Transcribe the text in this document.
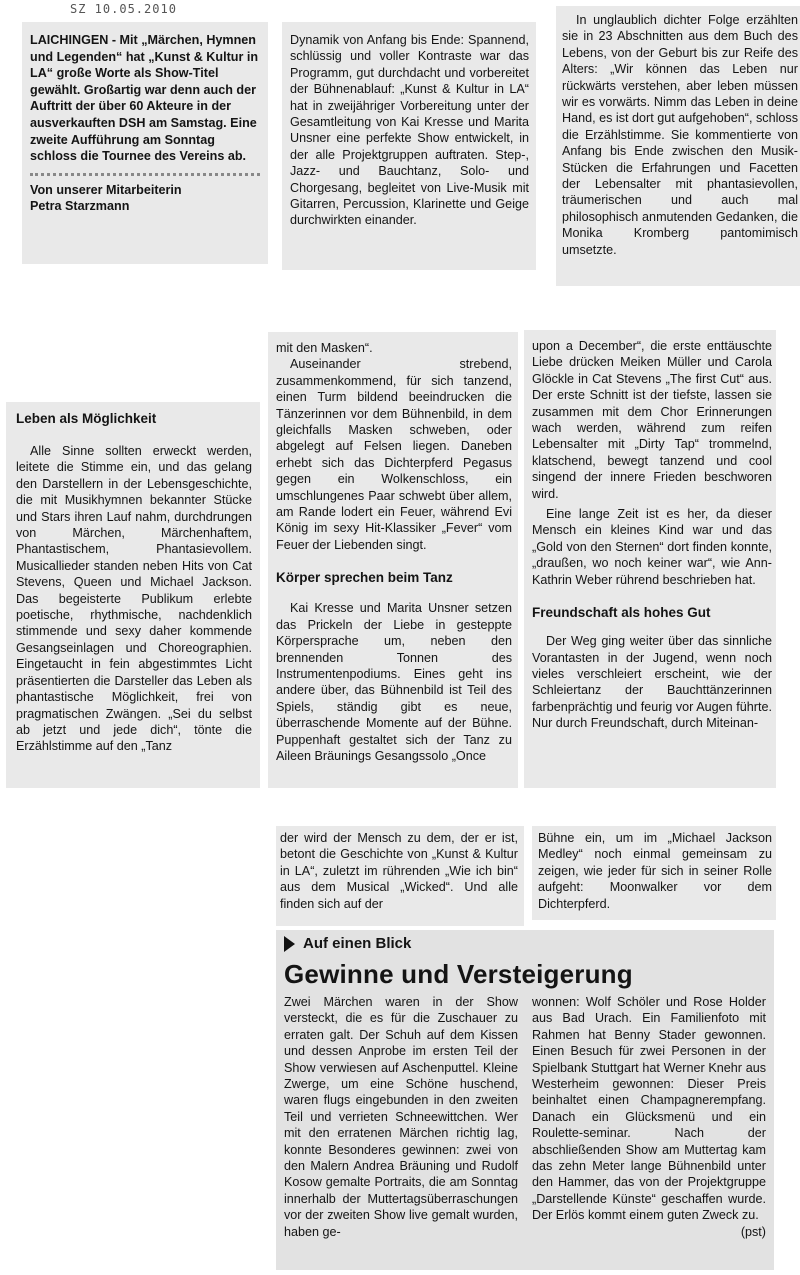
SZ 10.05.2010

LAICHINGEN - Mit „Märchen, Hymnen und Legenden“ hat „Kunst & Kultur in LA“ große Worte als Show-Titel gewählt. Großartig war denn auch der Auftritt der über 60 Akteure in der ausverkauften DSH am Samstag. Eine zweite Aufführung am Sonntag schloss die Tournee des Vereins ab.

Von unserer Mitarbeiterin

Petra Starzmann

Dynamik von Anfang bis Ende: Spannend, schlüssig und voller Kontraste war das Programm, gut durchdacht und vorbereitet der Bühnenablauf: „Kunst & Kultur in LA“ hat in zweijähriger Vorbereitung unter der Gesamtleitung von Kai Kresse und Marita Unsner eine perfekte Show entwickelt, in der alle Projektgruppen auftraten. Step-, Jazz- und Bauchtanz, Solo- und Chorgesang, begleitet von Live-Musik mit Gitarren, Percussion, Klarinette und Geige durchwirkten einander.

In unglaublich dichter Folge erzählten sie in 23 Abschnitten aus dem Buch des Lebens, von der Geburt bis zur Reife des Alters: „Wir können das Leben nur rückwärts verstehen, aber leben müssen wir es vorwärts. Nimm das Leben in deine Hand, es ist dort gut aufgehoben“, schloss die Erzählstimme. Sie kommentierte von Anfang bis Ende zwischen den Musik-Stücken die Erfahrungen und Facetten der Lebensalter mit phantasievollen, träumerischen und auch mal philosophisch anmutenden Gedanken, die Monika Kromberg pantomimisch umsetzte.

Leben als Möglichkeit

Alle Sinne sollten erweckt werden, leitete die Stimme ein, und das gelang den Darstellern in der Lebensgeschichte, die mit Musikhymnen bekannter Stücke und Stars ihren Lauf nahm, durchdrungen von Märchen, Märchenhaftem, Phantastischem, Phantasievollem. Musicallieder standen neben Hits von Cat Stevens, Queen und Michael Jackson. Das begeisterte Publikum erlebte poetische, rhythmische, nachdenklich stimmende und sexy daher kommende Gesangseinlagen und Choreographien. Eingetaucht in fein abgestimmtes Licht präsentierten die Darsteller das Leben als phantastische Möglichkeit, frei von pragmatischen Zwängen. „Sei du selbst ab jetzt und jede dich“, tönte die Erzählstimme auf den „Tanz

mit den Masken“.

Auseinander strebend, zusammenkommend, für sich tanzend, einen Turm bildend beeindrucken die Tänzerinnen vor dem Bühnenbild, in dem gleichfalls Masken schweben, oder abgelegt auf Felsen liegen. Daneben erhebt sich das Dichterpferd Pegasus gegen ein Wolkenschloss, ein umschlungenes Paar schwebt über allem, am Rande lodert ein Feuer, während Evi König im sexy Hit-Klassiker „Fever“ vom Feuer der Liebenden singt.

Körper sprechen beim Tanz

Kai Kresse und Marita Unsner setzen das Prickeln der Liebe in gesteppte Körpersprache um, neben den brennenden Tonnen des Instrumentenpodiums. Eines geht ins andere über, das Bühnenbild ist Teil des Spiels, ständig gibt es neue, überraschende Momente auf der Bühne. Puppenhaft gestaltet sich der Tanz zu Aileen Bräunings Gesangssolo „Once

upon a December“, die erste enttäuschte Liebe drücken Meiken Müller und Carola Glöckle in Cat Stevens „The first Cut“ aus. Der erste Schnitt ist der tiefste, lassen sie zusammen mit dem Chor Erinnerungen wach werden, während zum reifen Lebensalter mit „Dirty Tap“ trommelnd, klatschend, bewegt tanzend und cool singend der innere Frieden beschworen wird.

Eine lange Zeit ist es her, da dieser Mensch ein kleines Kind war und das „Gold von den Sternen“ dort finden konnte, „draußen, wo noch keiner war“, wie Ann-Kathrin Weber rührend beschrieben hat.

Freundschaft als hohes Gut

Der Weg ging weiter über das sinnliche Vorantasten in der Jugend, wenn noch vieles verschleiert erscheint, wie der Schleiertanz der Bauchttänzerinnen farbenprächtig und feurig vor Augen führte. Nur durch Freundschaft, durch Miteinan-

der wird der Mensch zu dem, der er ist, betont die Geschichte von „Kunst & Kultur in LA“, zuletzt im rührenden „Wie ich bin“ aus dem Musical „Wicked“. Und alle finden sich auf der

Bühne ein, um im „Michael Jackson Medley“ noch einmal gemeinsam zu zeigen, wie jeder für sich in seiner Rolle aufgeht: Moonwalker vor dem Dichterpferd.

Auf einen Blick
Gewinne und Versteigerung

Zwei Märchen waren in der Show versteckt, die es für die Zuschauer zu erraten galt. Der Schuh auf dem Kissen und dessen Anprobe im ersten Teil der Show verwiesen auf Aschenputtel. Kleine Zwerge, um eine Schöne huschend, waren flugs eingebunden in den zweiten Teil und verrieten Schneewittchen. Wer mit den erratenen Märchen richtig lag, konnte Besonderes gewinnen: zwei von den Malern Andrea Bräuning und Rudolf Kosow gemalte Portraits, die am Sonntag innerhalb der Muttertagsüberraschungen vor der zweiten Show live gemalt wurden, haben ge-

wonnen: Wolf Schöler und Rose Holder aus Bad Urach. Ein Familienfoto mit Rahmen hat Benny Stader gewonnen. Einen Besuch für zwei Personen in der Spielbank Stuttgart hat Werner Knehr aus Westerheim gewonnen: Dieser Preis beinhaltet einen Champagnerempfang. Danach ein Glücksmenü und ein Roulette-seminar. Nach der abschließenden Show am Muttertag kam das zehn Meter lange Bühnenbild unter den Hammer, das von der Projektgruppe „Darstellende Künste“ geschaffen wurde. Der Erlös kommt einem guten Zweck zu.

(pst)
